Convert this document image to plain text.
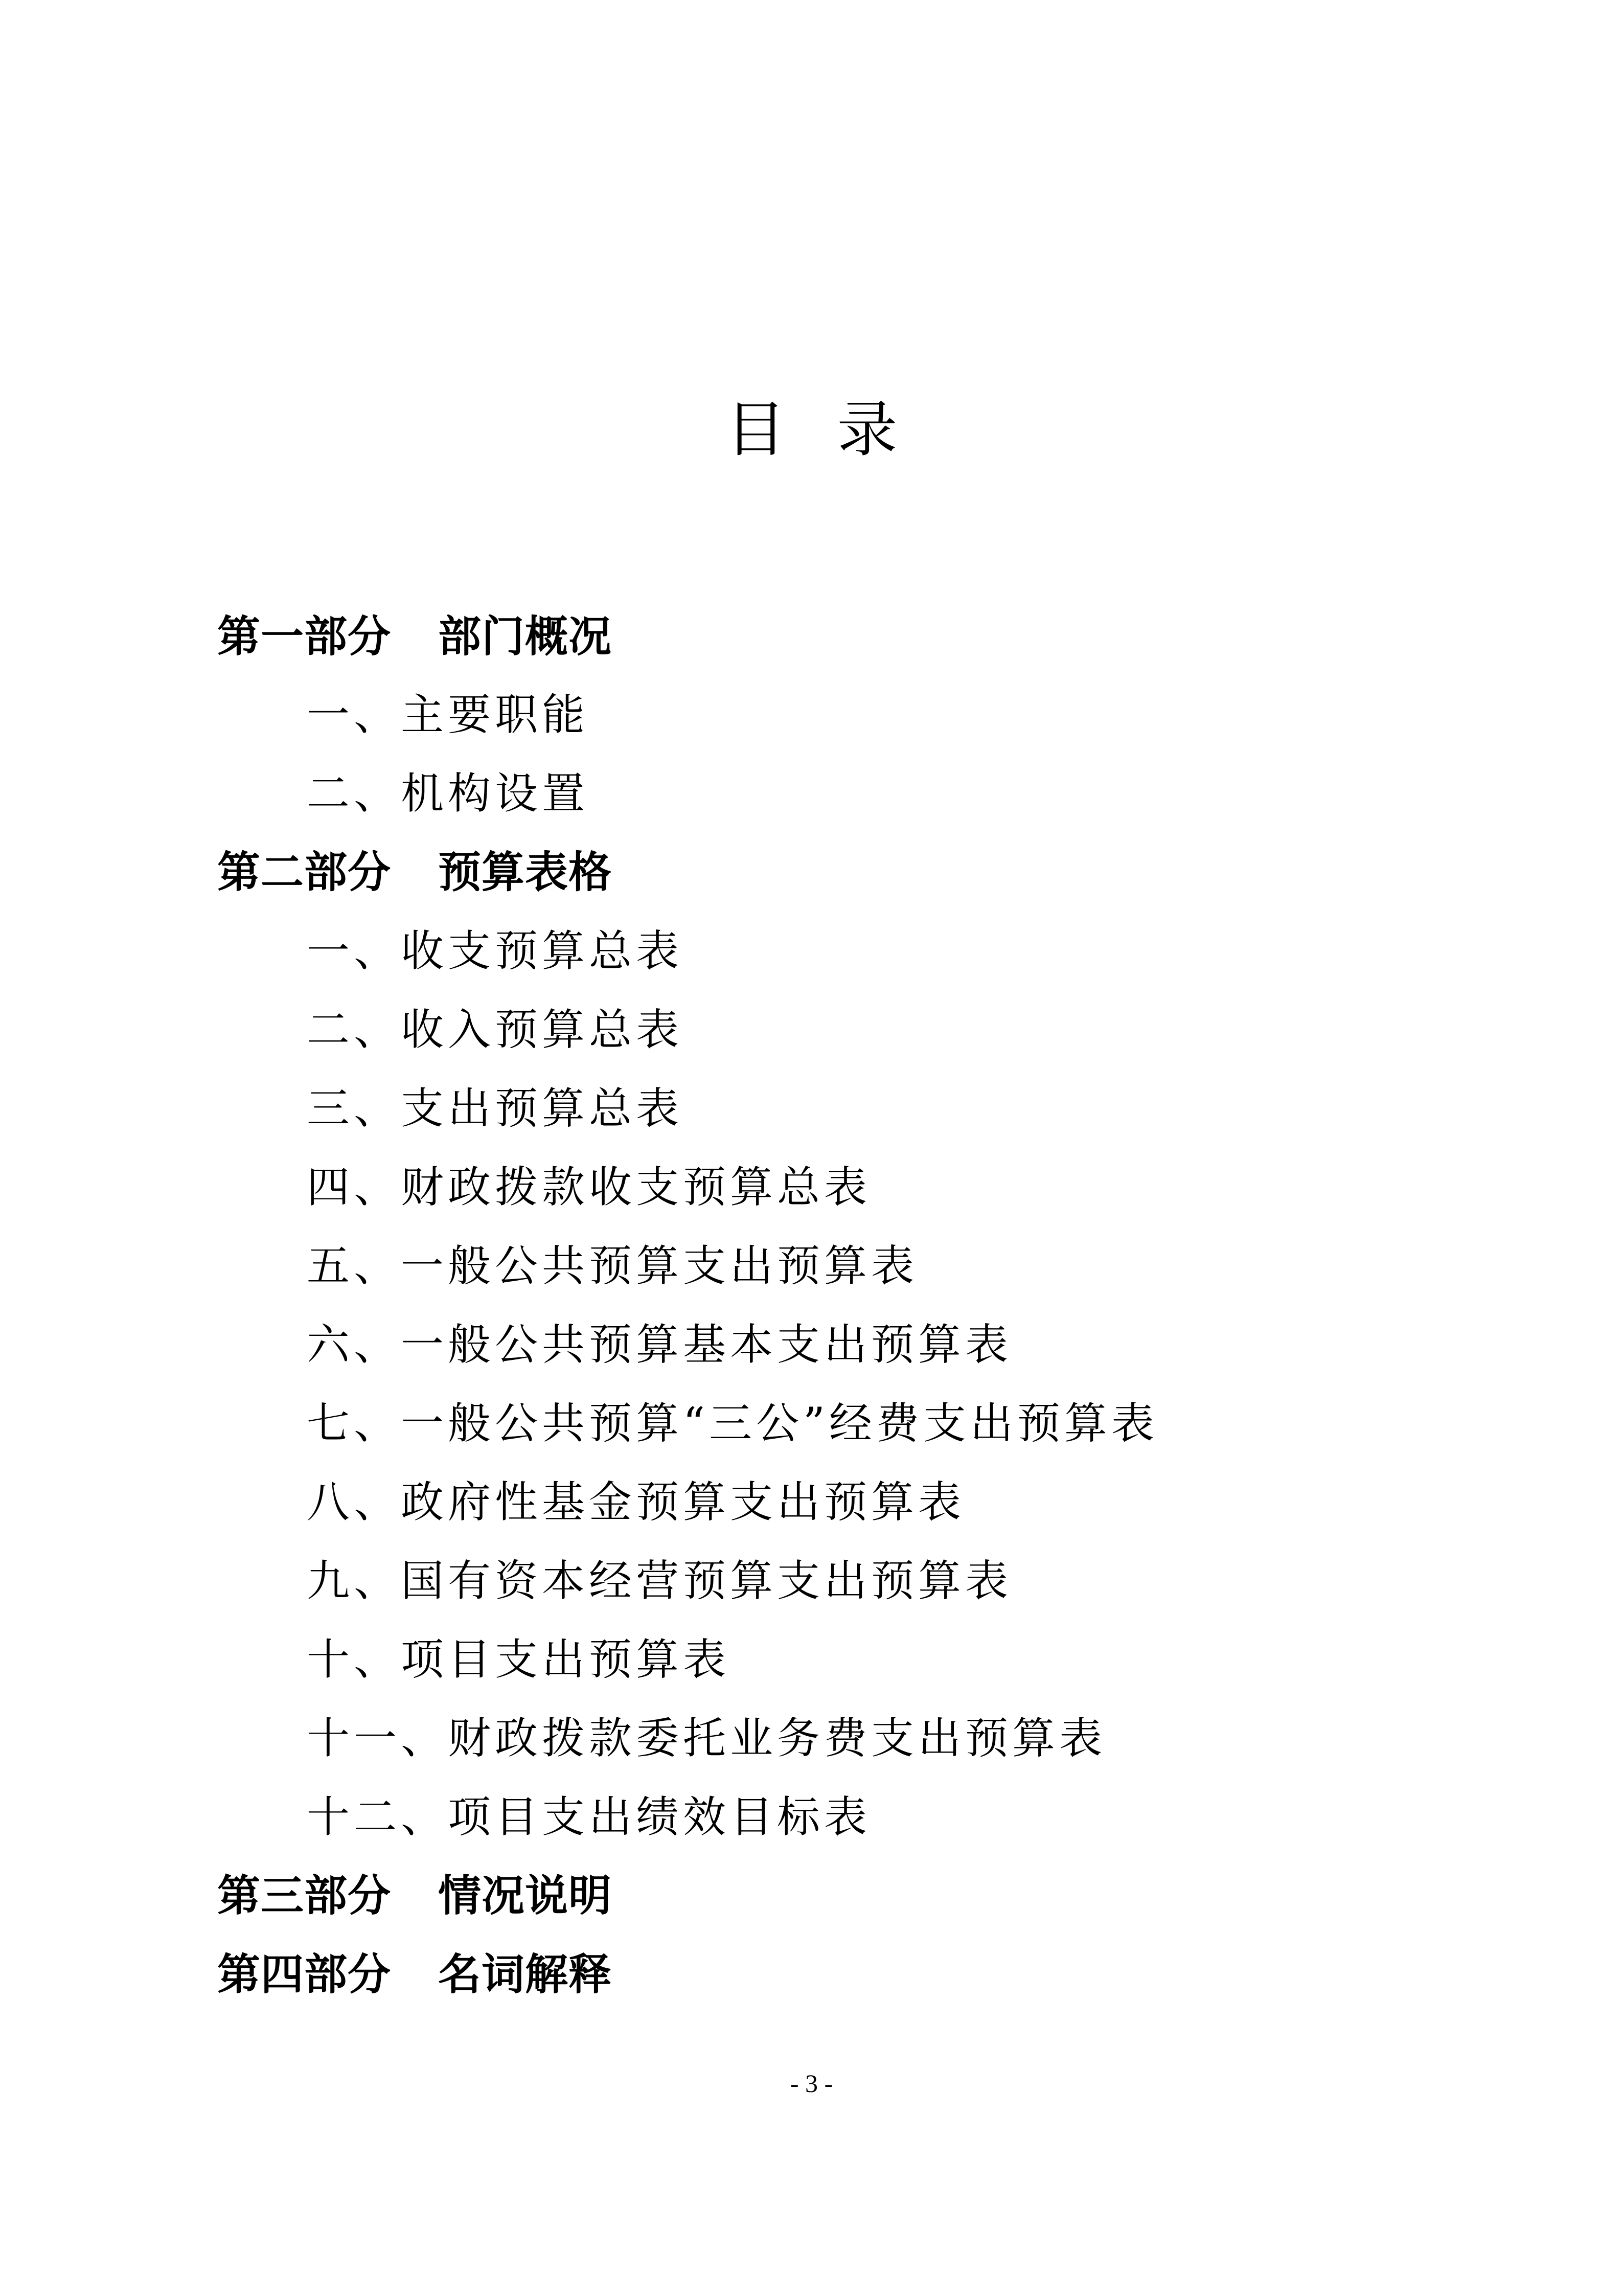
目 录
第一部分 部门概况
一、主要职能
二、机构设置
第二部分 预算表格
一、收支预算总表
二、收入预算总表
三、支出预算总表
四、财政拨款收支预算总表
五、一般公共预算支出预算表
六、一般公共预算基本支出预算表
七、一般公共预算“三公”经费支出预算表
八、政府性基金预算支出预算表
九、国有资本经营预算支出预算表
十、项目支出预算表
十一、财政拨款委托业务费支出预算表
十二、项目支出绩效目标表
第三部分 情况说明
第四部分 名词解释
- 3 -
